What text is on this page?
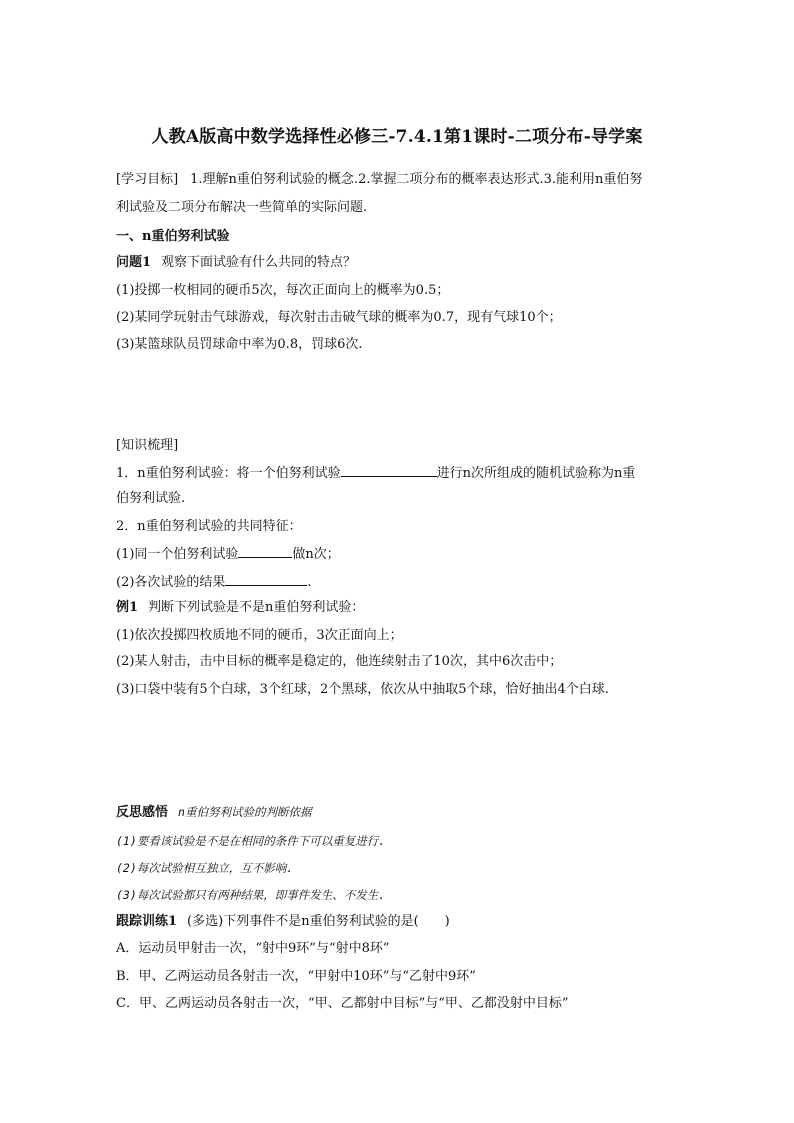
人教A版高中数学选择性必修三-7.4.1第1课时-二项分布-导学案
[学习目标] 1.理解n重伯努利试验的概念.2.掌握二项分布的概率表达形式.3.能利用n重伯努
利试验及二项分布解决一些简单的实际问题.
一、n重伯努利试验
问题1 观察下面试验有什么共同的特点？
(1)投掷一枚相同的硬币5次，每次正面向上的概率为0.5；
(2)某同学玩射击气球游戏，每次射击击破气球的概率为0.7，现有气球10个；
(3)某篮球队员罚球命中率为0.8，罚球6次.
[知识梳理]
1．n重伯努利试验：将一个伯努利试验	进行n次所组成的随机试验称为n重
伯努利试验.
2．n重伯努利试验的共同特征：
(1)同一个伯努利试验	做n次；
(2)各次试验的结果	.
例1 判断下列试验是不是n重伯努利试验：
(1)依次投掷四枚质地不同的硬币，3次正面向上；
(2)某人射击，击中目标的概率是稳定的，他连续射击了10次，其中6次击中；
(3)口袋中装有5个白球，3个红球，2个黑球，依次从中抽取5个球，恰好抽出4个白球.
反思感悟 n重伯努利试验的判断依据
(1)要看该试验是不是在相同的条件下可以重复进行.
(2)每次试验相互独立，互不影响.
(3)每次试验都只有两种结果，即事件发生、不发生.
跟踪训练1 (多选)下列事件不是n重伯努利试验的是(　　)
A．运动员甲射击一次，“射中9环”与“射中8环”
B．甲、乙两运动员各射击一次，“甲射中10环”与“乙射中9环”
C．甲、乙两运动员各射击一次，“甲、乙都射中目标”与“甲、乙都没射中目标”
